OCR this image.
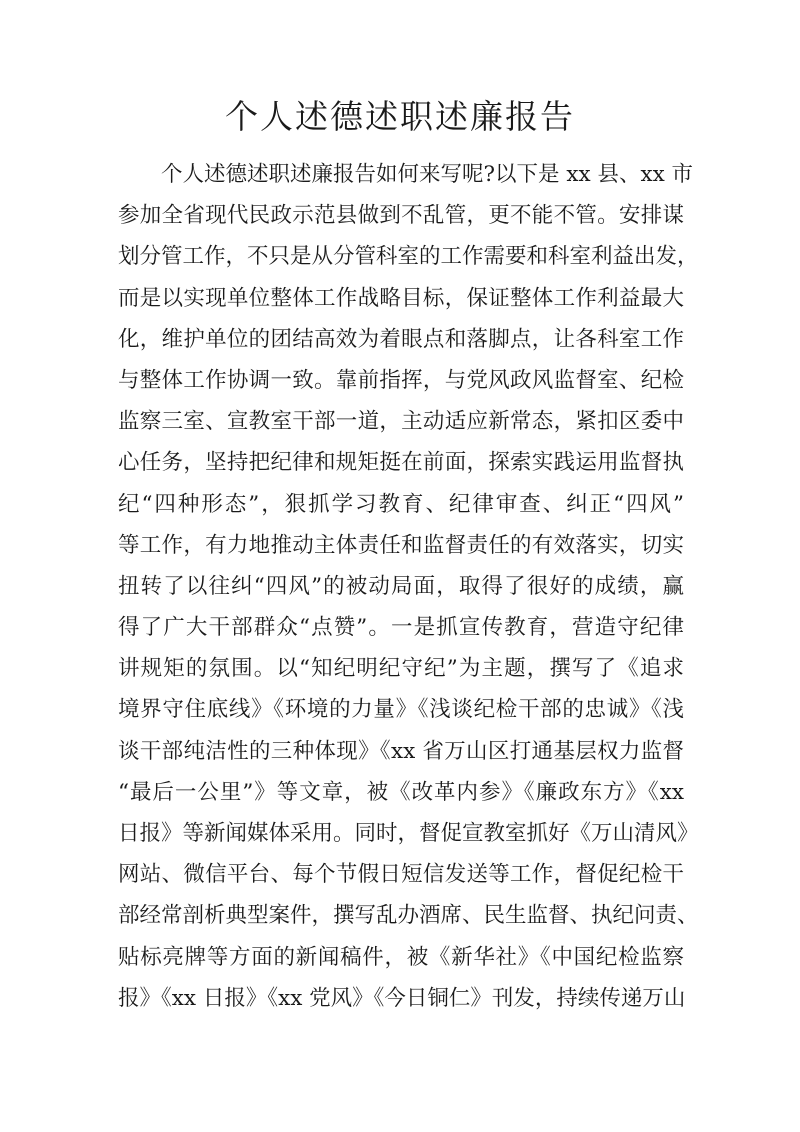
个人述德述职述廉报告
个人述德述职述廉报告如何来写呢?以下是 xx 县、xx 市
参加全省现代民政示范县做到不乱管，更不能不管。安排谋
划分管工作，不只是从分管科室的工作需要和科室利益出发，
而是以实现单位整体工作战略目标，保证整体工作利益最大
化，维护单位的团结高效为着眼点和落脚点，让各科室工作
与整体工作协调一致。靠前指挥，与党风政风监督室、纪检
监察三室、宣教室干部一道，主动适应新常态，紧扣区委中
心任务，坚持把纪律和规矩挺在前面，探索实践运用监督执
纪“四种形态”，狠抓学习教育、纪律审查、纠正“四风”
等工作，有力地推动主体责任和监督责任的有效落实，切实
扭转了以往纠“四风”的被动局面，取得了很好的成绩，赢
得了广大干部群众“点赞”。一是抓宣传教育，营造守纪律
讲规矩的氛围。以“知纪明纪守纪”为主题，撰写了《追求
境界守住底线》《环境的力量》《浅谈纪检干部的忠诚》《浅
谈干部纯洁性的三种体现》《xx 省万山区打通基层权力监督
“最后一公里”》等文章，被《改革内参》《廉政东方》《xx
日报》等新闻媒体采用。同时，督促宣教室抓好《万山清风》
网站、微信平台、每个节假日短信发送等工作，督促纪检干
部经常剖析典型案件，撰写乱办酒席、民生监督、执纪问责、
贴标亮牌等方面的新闻稿件，被《新华社》《中国纪检监察
报》《xx 日报》《xx 党风》《今日铜仁》刊发，持续传递万山
